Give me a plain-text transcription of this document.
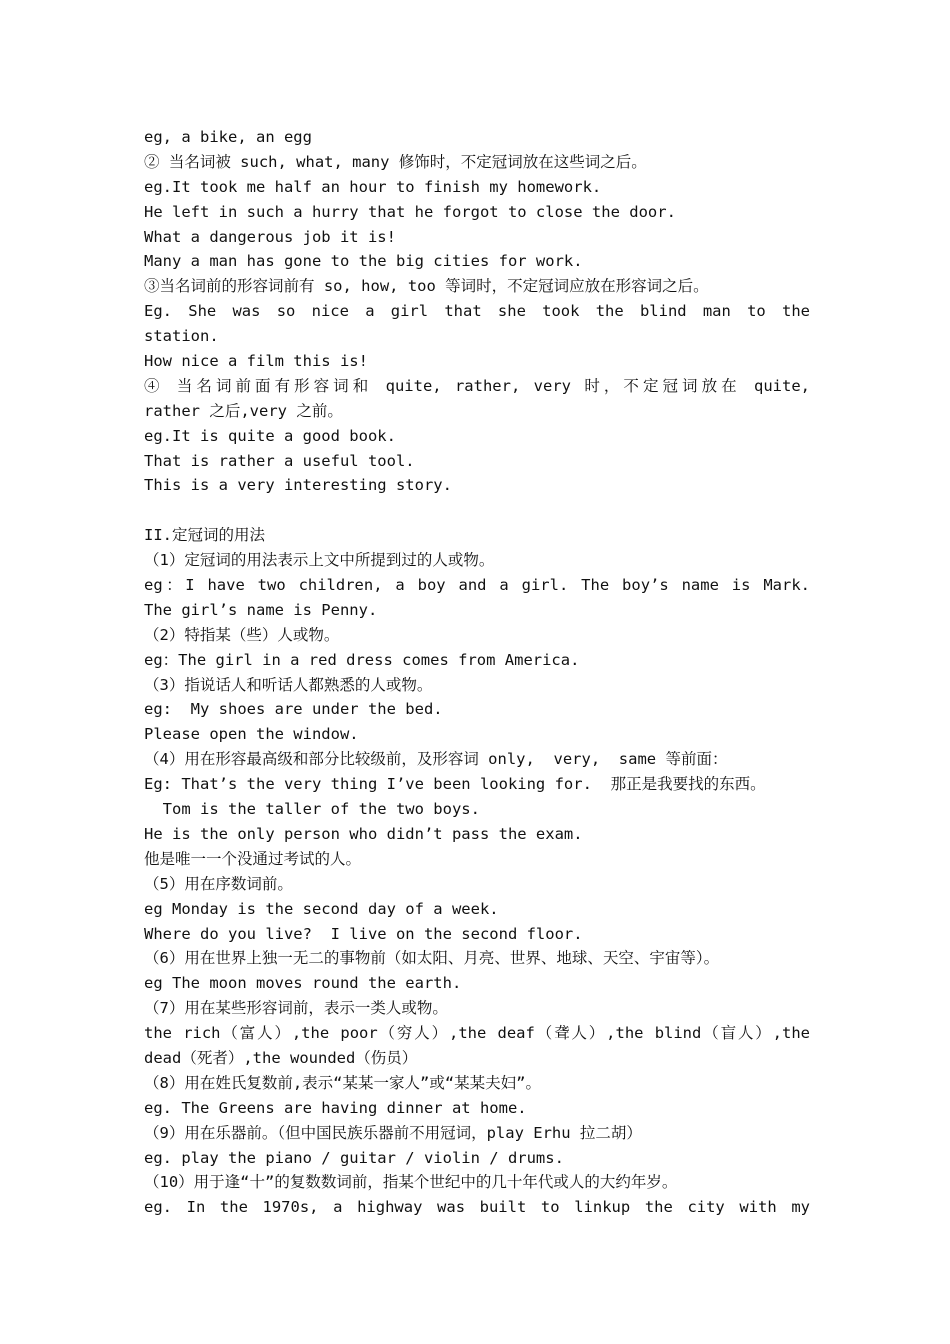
eg, a bike, an egg
② 当名词被 such, what, many 修饰时，不定冠词放在这些词之后。
eg.It took me half an hour to finish my homework.
He left in such a hurry that he forgot to close the door.
What a dangerous job it is!
Many a man has gone to the big cities for work.
③当名词前的形容词前有 so, how, too 等词时，不定冠词应放在形容词之后。
Eg. She was so nice a girl that she took the blind man to the
station.
How nice a film this is!
④ 当名词前面有形容词和 quite, rather, very 时，不定冠词放在 quite,
rather 之后,very 之前。
eg.It is quite a good book.
That is rather a useful tool.
This is a very interesting story.
II.定冠词的用法
（1）定冠词的用法表示上文中所提到过的人或物。
eg：I have two children, a boy and a girl. The boy’s name is Mark.
The girl’s name is Penny.
（2）特指某（些）人或物。
eg：The girl in a red dress comes from America.
（3）指说话人和听话人都熟悉的人或物。
eg:  My shoes are under the bed.
Please open the window.
（4）用在形容最高级和部分比较级前，及形容词 only,  very,  same 等前面：
Eg: That’s the very thing I’ve been looking for.  那正是我要找的东西。
Tom is the taller of the two boys.
He is the only person who didn’t pass the exam.
他是唯一一个没通过考试的人。
（5）用在序数词前。
eg Monday is the second day of a week.
Where do you live?  I live on the second floor.
（6）用在世界上独一无二的事物前（如太阳、月亮、世界、地球、天空、宇宙等）。
eg The moon moves round the earth.
（7）用在某些形容词前，表示一类人或物。
the rich（富人）,the poor（穷人）,the deaf（聋人）,the blind（盲人）,the
dead（死者）,the wounded（伤员）
（8）用在姓氏复数前,表示“某某一家人”或“某某夫妇”。
eg. The Greens are having dinner at home.
（9）用在乐器前。（但中国民族乐器前不用冠词，play Erhu 拉二胡）
eg. play the piano / guitar / violin / drums.
（10）用于逢“十”的复数数词前，指某个世纪中的几十年代或人的大约年岁。
eg. In the 1970s, a highway was built to linkup the city with my
